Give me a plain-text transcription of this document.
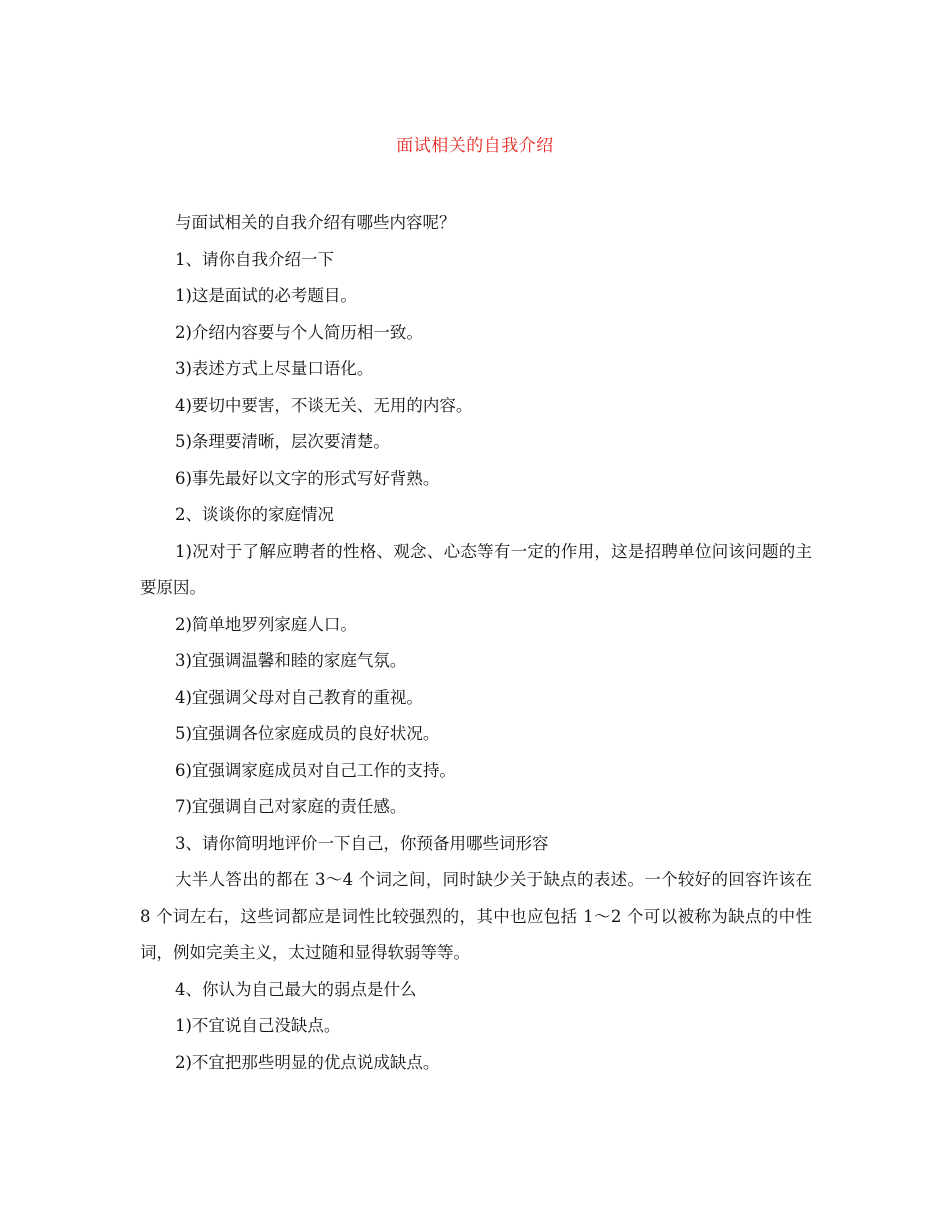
面试相关的自我介绍

与面试相关的自我介绍有哪些内容呢？

1、请你自我介绍一下

1)这是面试的必考题目。

2)介绍内容要与个人简历相一致。

3)表述方式上尽量口语化。

4)要切中要害，不谈无关、无用的内容。

5)条理要清晰，层次要清楚。

6)事先最好以文字的形式写好背熟。

2、谈谈你的家庭情况

1)况对于了解应聘者的性格、观念、心态等有一定的作用，这是招聘单位问该问题的主要原因。

2)简单地罗列家庭人口。

3)宜强调温馨和睦的家庭气氛。

4)宜强调父母对自己教育的重视。

5)宜强调各位家庭成员的良好状况。

6)宜强调家庭成员对自己工作的支持。

7)宜强调自己对家庭的责任感。

3、请你简明地评价一下自己，你预备用哪些词形容

大半人答出的都在 3～4 个词之间，同时缺少关于缺点的表述。一个较好的回容许该在 8 个词左右，这些词都应是词性比较强烈的，其中也应包括 1～2 个可以被称为缺点的中性词，例如完美主义，太过随和显得软弱等等。

4、你认为自己最大的弱点是什么

1)不宜说自己没缺点。

2)不宜把那些明显的优点说成缺点。
